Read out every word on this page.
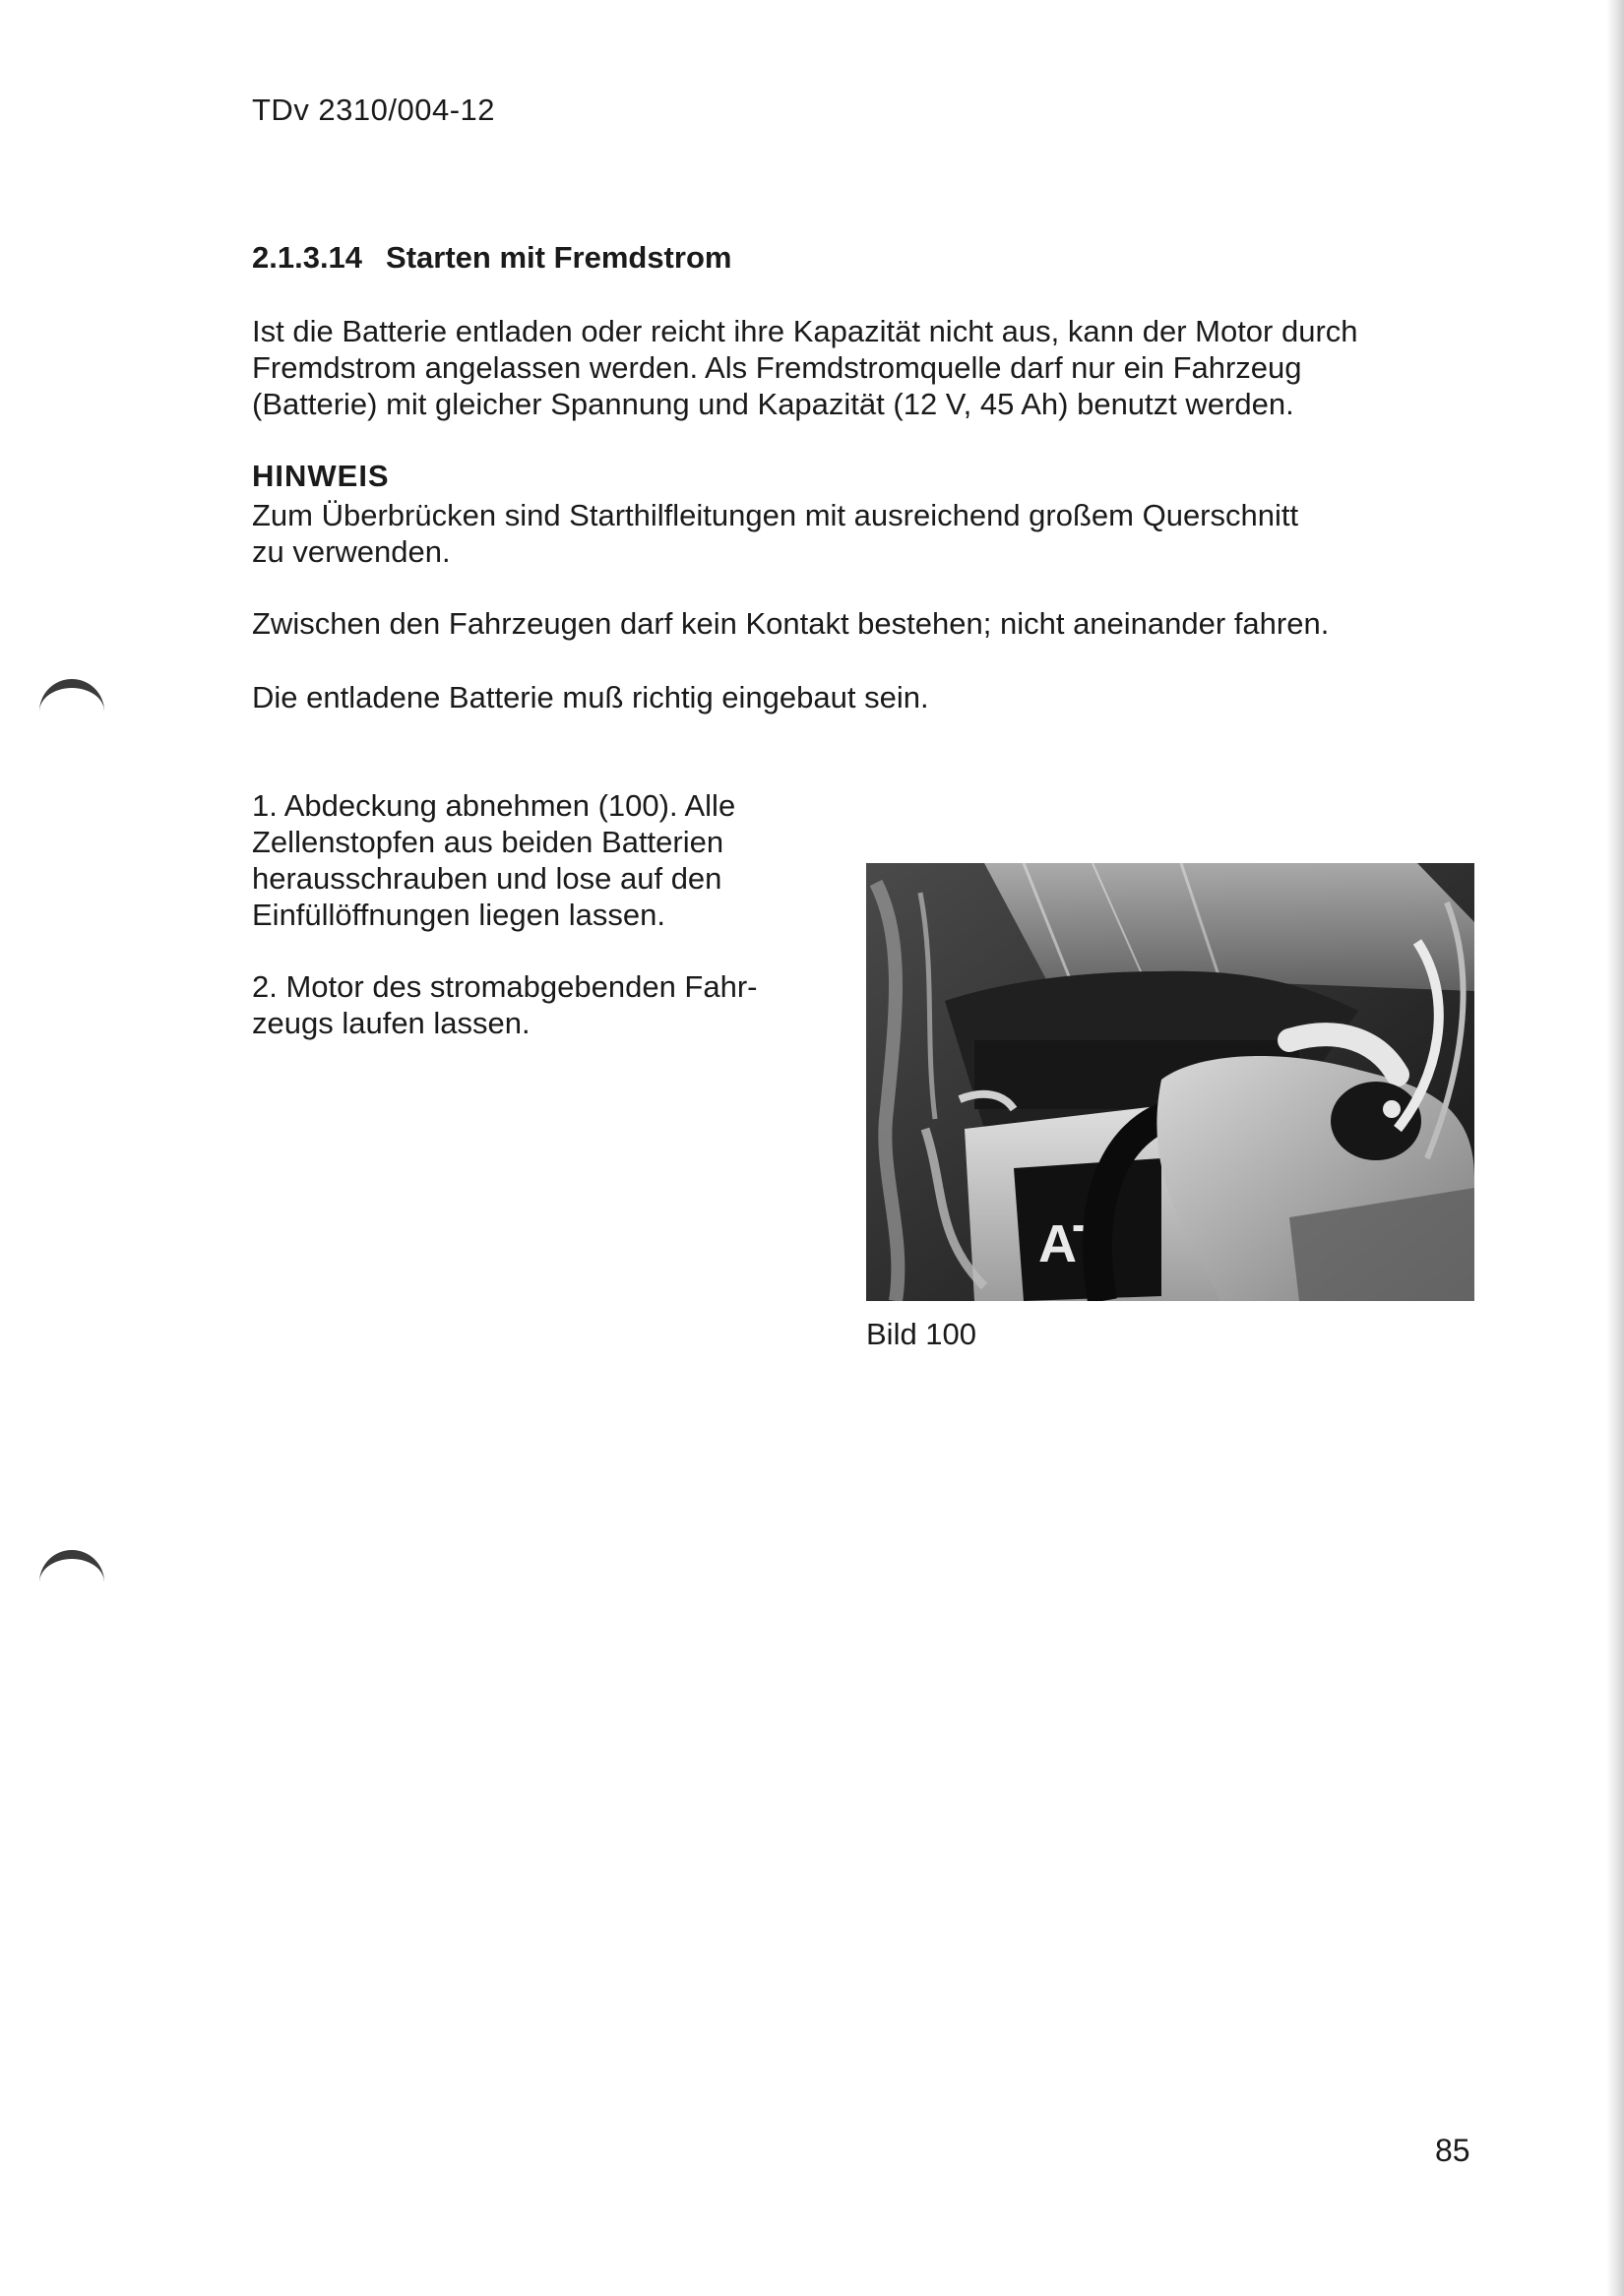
TDv 2310/004-12
2.1.3.14 Starten mit Fremdstrom
Ist die Batterie entladen oder reicht ihre Kapazität nicht aus, kann der Motor durch
Fremdstrom angelassen werden. Als Fremdstromquelle darf nur ein Fahrzeug
(Batterie) mit gleicher Spannung und Kapazität (12 V, 45 Ah) benutzt werden.
HINWEIS
Zum Überbrücken sind Starthilfleitungen mit ausreichend großem Querschnitt
zu verwenden.
Zwischen den Fahrzeugen darf kein Kontakt bestehen; nicht aneinander fahren.
Die entladene Batterie muß richtig eingebaut sein.
1. Abdeckung abnehmen (100). Alle
Zellenstopfen aus beiden Batterien
herausschrauben und lose auf den
Einfüllöffnungen liegen lassen.
2. Motor des stromabgebenden Fahr-
zeugs laufen lassen.
AT
Bild 100
85
